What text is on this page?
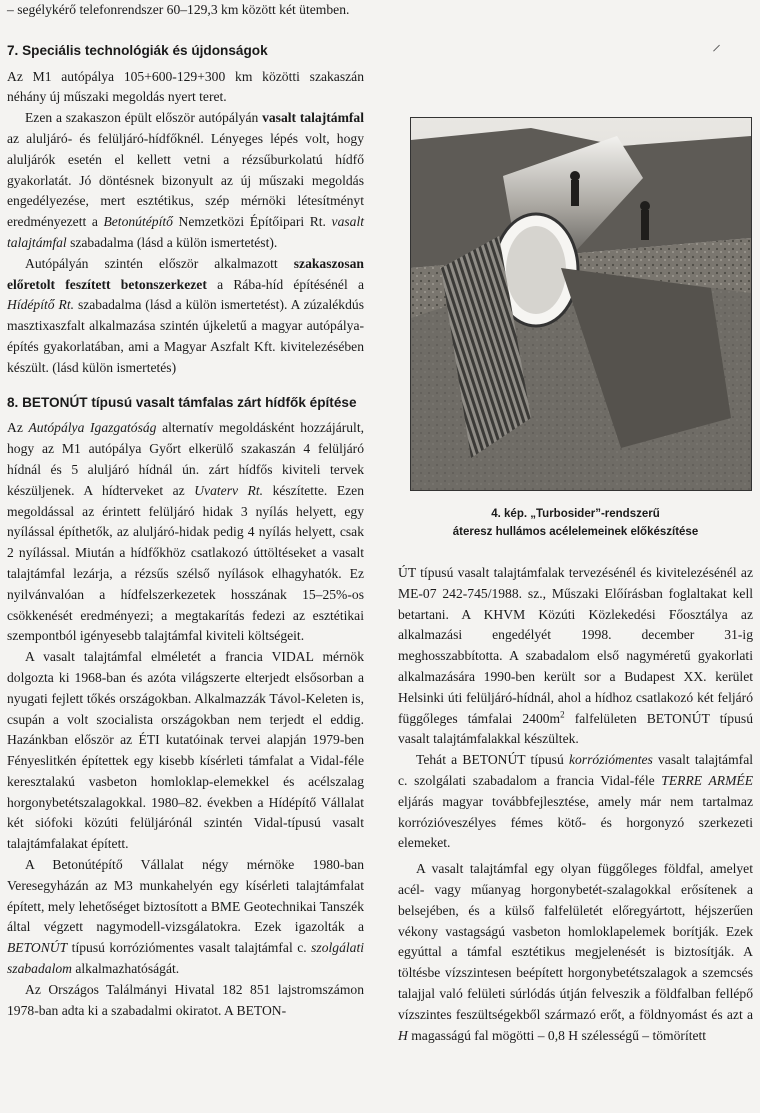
– segélykérő telefonrendszer 60–129,3 km között két ütemben.

7. Speciális technológiák és újdonságok

Az M1 autópálya 105+600-129+300 km közötti szakaszán néhány új műszaki megoldás nyert teret.

Ezen a szakaszon épült először autópályán vasalt talajtámfal az aluljáró- és felüljáró-hídfőknél. Lényeges lépés volt, hogy aluljárók esetén el kellett vetni a rézsűburkolatú hídfő gyakorlatát. Jó döntésnek bizonyult az új műszaki megoldás engedélyezése, mert esztétikus, szép mérnöki létesítményt eredményezett a Betonútépítő Nemzetközi Építőipari Rt. vasalt talajtámfal szabadalma (lásd a külön ismertetést).

Autópályán szintén először alkalmazott szakaszosan előretolt feszített betonszerkezet a Rába-híd építésénél a Hídépítő Rt. szabadalma (lásd a külön ismertetést). A zúzalékdús masztixaszfalt alkalmazása szintén újkeletű a magyar autópálya-építés gyakorlatában, ami a Magyar Aszfalt Kft. kivitelezésében készült. (lásd külön ismertetés)

8. BETONÚT típusú vasalt támfalas zárt hídfők építése

Az Autópálya Igazgatóság alternatív megoldásként hozzájárult, hogy az M1 autópálya Győrt elkerülő szakaszán 4 felüljáró hídnál és 5 aluljáró hídnál ún. zárt hídfős kiviteli tervek készüljenek. A hídterveket az Uvaterv Rt. készítette. Ezen megoldással az érintett felüljáró hidak 3 nyílás helyett, egy nyílással építhetők, az aluljáró-hidak pedig 4 nyílás helyett, csak 2 nyílással. Miután a hídfőkhöz csatlakozó úttöltéseket a vasalt talajtámfal lezárja, a rézsűs szélső nyílások elhagyhatók. Ez nyilvánvalóan a hídfelszerkezetek hosszának 15–25%-os csökkenését eredményezi; a megtakarítás fedezi az esztétikai szempontból igényesebb talajtámfal kiviteli költségeit.

A vasalt talajtámfal elméletét a francia VIDAL mérnök dolgozta ki 1968-ban és azóta világszerte elterjedt elsősorban a nyugati fejlett tőkés országokban. Alkalmazzák Távol-Keleten is, csupán a volt szocialista országokban nem terjedt el eddig. Hazánkban először az ÉTI kutatóinak tervei alapján 1979-ben Fényeslitkén építettek egy kisebb kísérleti támfalat a Vidal-féle keresztalakú vasbeton homloklap-elemekkel és acélszalag horgonybetétszalagokkal. 1980–82. években a Hídépítő Vállalat két siófoki közúti felüljárónál szintén Vidal-típusú vasalt talajtámfalakat épített.

A Betonútépítő Vállalat négy mérnöke 1980-ban Veresegyházán az M3 munkahelyén egy kísérleti talajtámfalat épített, mely lehetőséget biztosított a BME Geotechnikai Tanszék által végzett nagymodell-vizsgálatokra. Ezek igazolták a BETONÚT típusú korróziómentes vasalt talajtámfal c. szolgálati szabadalom alkalmazhatóságát.

Az Országos Találmányi Hivatal 182 851 lajstromszámon 1978-ban adta ki a szabadalmi okiratot. A BETON-

⸝
4. kép. „Turbosider”-rendszerű
áteresz hullámos acélelemeinek előkészítése

ÚT típusú vasalt talajtámfalak tervezésénél és kivitelezésénél az ME-07 242-745/1988. sz., Műszaki Előírásban foglaltakat kell betartani. A KHVM Közúti Közlekedési Főosztálya az alkalmazási engedélyét 1998. december 31-ig meghosszabbította. A szabadalom első nagyméretű gyakorlati alkalmazására 1990-ben került sor a Budapest XX. kerület Helsinki úti felüljáró-hídnál, ahol a hídhoz csatlakozó két feljáró függőleges támfalai $2400m^2$ falfelületen BETONÚT típusú vasalt talajtámfalakkal készültek.

Tehát a BETONÚT típusú korróziómentes vasalt talajtámfal c. szolgálati szabadalom a francia Vidal-féle TERRE ARMÉE eljárás magyar továbbfejlesztése, amely már nem tartalmaz korrózióveszélyes fémes kötő- és horgonyzó szerkezeti elemeket.

A vasalt talajtámfal egy olyan függőleges földfal, amelyet acél- vagy műanyag horgonybetét-szalagokkal erősítenek a belsejében, és a külső falfelületét előregyártott, héjszerűen vékony vastagságú vasbeton homloklapelemek borítják. Ezek egyúttal a támfal esztétikus megjelenését is biztosítják. A töltésbe vízszintesen beépített horgonybetétszalagok a szemcsés talajjal való felületi súrlódás útján felveszik a földfalban fellépő vízszintes feszültségekből származó erőt, a földnyomást és azt a H magasságú fal mögötti – 0,8 H szélességű – tömörített
